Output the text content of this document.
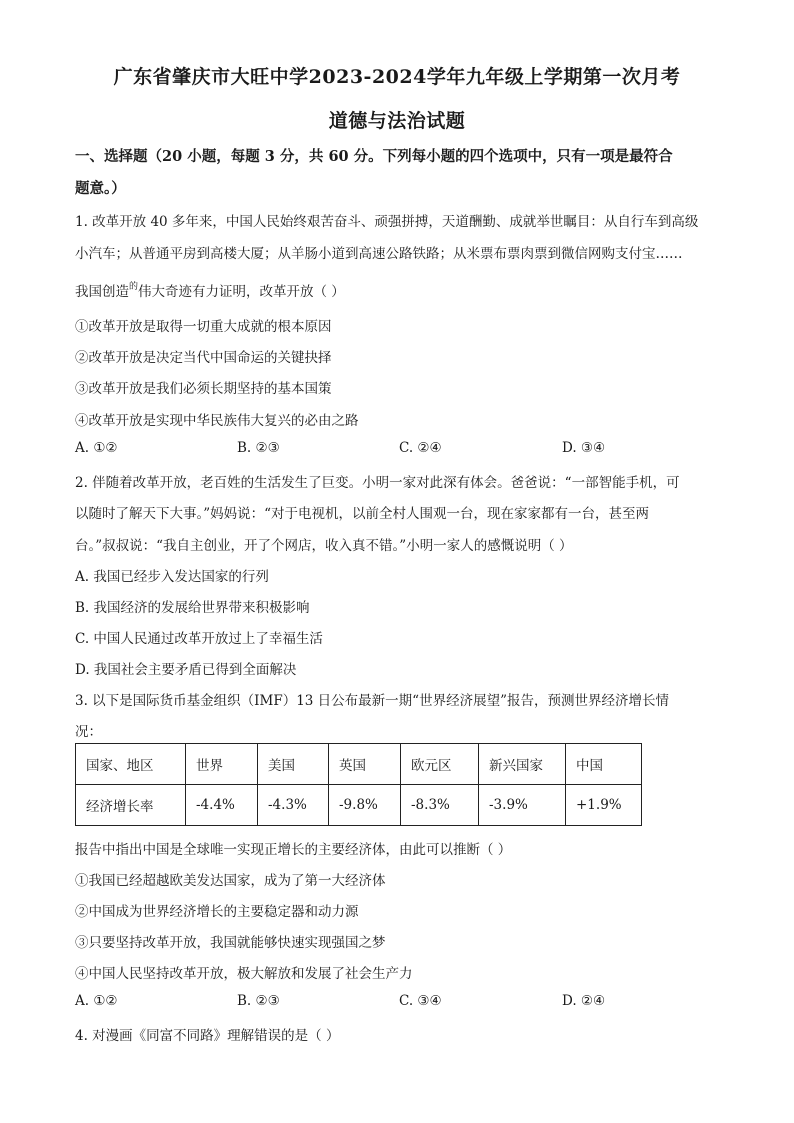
广东省肇庆市大旺中学2023-2024学年九年级上学期第一次月考
道德与法治试题
一、选择题（20 小题，每题 3 分，共 60 分。下列每小题的四个选项中，只有一项是最符合
题意。）
1. 改革开放 40 多年来，中国人民始终艰苦奋斗、顽强拼搏，天道酬勤、成就举世瞩目：从自行车到高级
小汽车；从普通平房到高楼大厦；从羊肠小道到高速公路铁路；从米票布票肉票到微信网购支付宝……
我国创造$^的$伟大奇迹有力证明，改革开放（ ）
①改革开放是取得一切重大成就的根本原因
②改革开放是决定当代中国命运的关键抉择
③改革开放是我们必须长期坚持的基本国策
④改革开放是实现中华民族伟大复兴的必由之路
A. ①②	B. ②③	C. ②④	D. ③④
2. 伴随着改革开放，老百姓的生活发生了巨变。小明一家对此深有体会。爸爸说：“一部智能手机，可
以随时了解天下大事。”妈妈说：“对于电视机，以前全村人围观一台，现在家家都有一台，甚至两
台。”叔叔说：“我自主创业，开了个网店，收入真不错。”小明一家人的感慨说明（ ）
A. 我国已经步入发达国家的行列
B. 我国经济的发展给世界带来积极影响
C. 中国人民通过改革开放过上了幸福生活
D. 我国社会主要矛盾已得到全面解决
3. 以下是国际货币基金组织（IMF）13 日公布最新一期“世界经济展望”报告，预测世界经济增长情
况：
国家、地区	世界	美国	英国	欧元区	新兴国家	中国
经济增长率	-4.4%	-4.3%	-9.8%	-8.3%	-3.9%	+1.9%
报告中指出中国是全球唯一实现正增长的主要经济体，由此可以推断（ ）
①我国已经超越欧美发达国家，成为了第一大经济体
②中国成为世界经济增长的主要稳定器和动力源
③只要坚持改革开放，我国就能够快速实现强国之梦
④中国人民坚持改革开放，极大解放和发展了社会生产力
A. ①②	B. ②③	C. ③④	D. ②④
4. 对漫画《同富不同路》理解错误的是（ ）
